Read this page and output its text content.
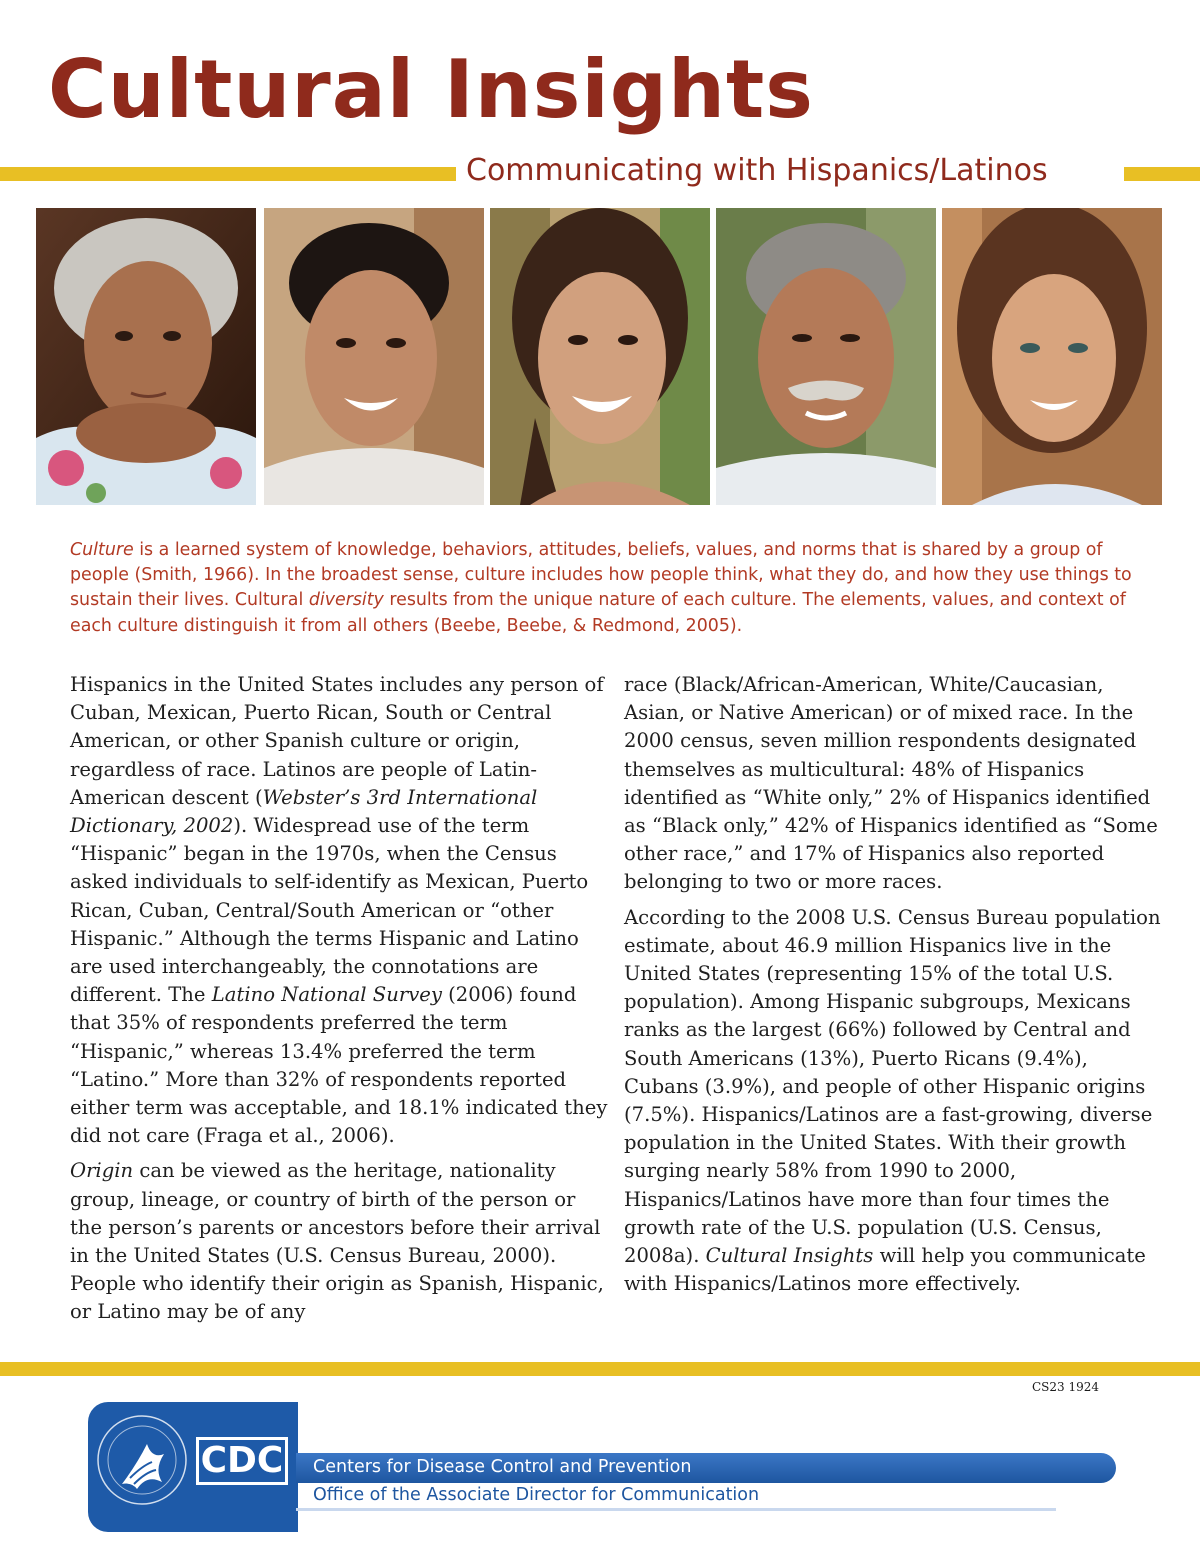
Cultural Insights
Communicating with Hispanics/Latinos
Culture is a learned system of knowledge, behaviors, attitudes, beliefs, values, and norms that is shared by a group of people (Smith, 1966). In the broadest sense, culture includes how people think, what they do, and how they use things to sustain their lives. Cultural diversity results from the unique nature of each culture. The elements, values, and context of each culture distinguish it from all others (Beebe, Beebe, & Redmond, 2005).

Hispanics in the United States includes any person of Cuban, Mexican, Puerto Rican, South or Central American, or other Spanish culture or origin, regardless of race. Latinos are people of Latin-American descent (Webster’s 3rd International Dictionary, 2002). Widespread use of the term “Hispanic” began in the 1970s, when the Census asked individuals to self-identify as Mexican, Puerto Rican, Cuban, Central/South American or “other Hispanic.” Although the terms Hispanic and Latino are used interchangeably, the connotations are different. The Latino National Survey (2006) found that 35% of respondents preferred the term “Hispanic,” whereas 13.4% preferred the term “Latino.” More than 32% of respondents reported either term was acceptable, and 18.1% indicated they did not care (Fraga et al., 2006).

Origin can be viewed as the heritage, nationality group, lineage, or country of birth of the person or the person’s parents or ancestors before their arrival in the United States (U.S. Census Bureau, 2000). People who identify their origin as Spanish, Hispanic, or Latino may be of any

race (Black/African-American, White/Caucasian, Asian, or Native American) or of mixed race. In the 2000 census, seven million respondents designated themselves as multicultural: 48% of Hispanics identified as “White only,” 2% of Hispanics identified as “Black only,” 42% of Hispanics identified as “Some other race,” and 17% of Hispanics also reported belonging to two or more races.

According to the 2008 U.S. Census Bureau population estimate, about 46.9 million Hispanics live in the United States (representing 15% of the total U.S. population). Among Hispanic subgroups, Mexicans ranks as the largest (66%) followed by Central and South Americans (13%), Puerto Ricans (9.4%), Cubans (3.9%), and people of other Hispanic origins (7.5%). Hispanics/Latinos are a fast-growing, diverse population in the United States. With their growth surging nearly 58% from 1990 to 2000, Hispanics/Latinos have more than four times the growth rate of the U.S. population (U.S. Census, 2008a). Cultural Insights will help you communicate with Hispanics/Latinos more effectively.

CS23 1924
CDC Centers for Disease Control and Prevention
Office of the Associate Director for Communication
